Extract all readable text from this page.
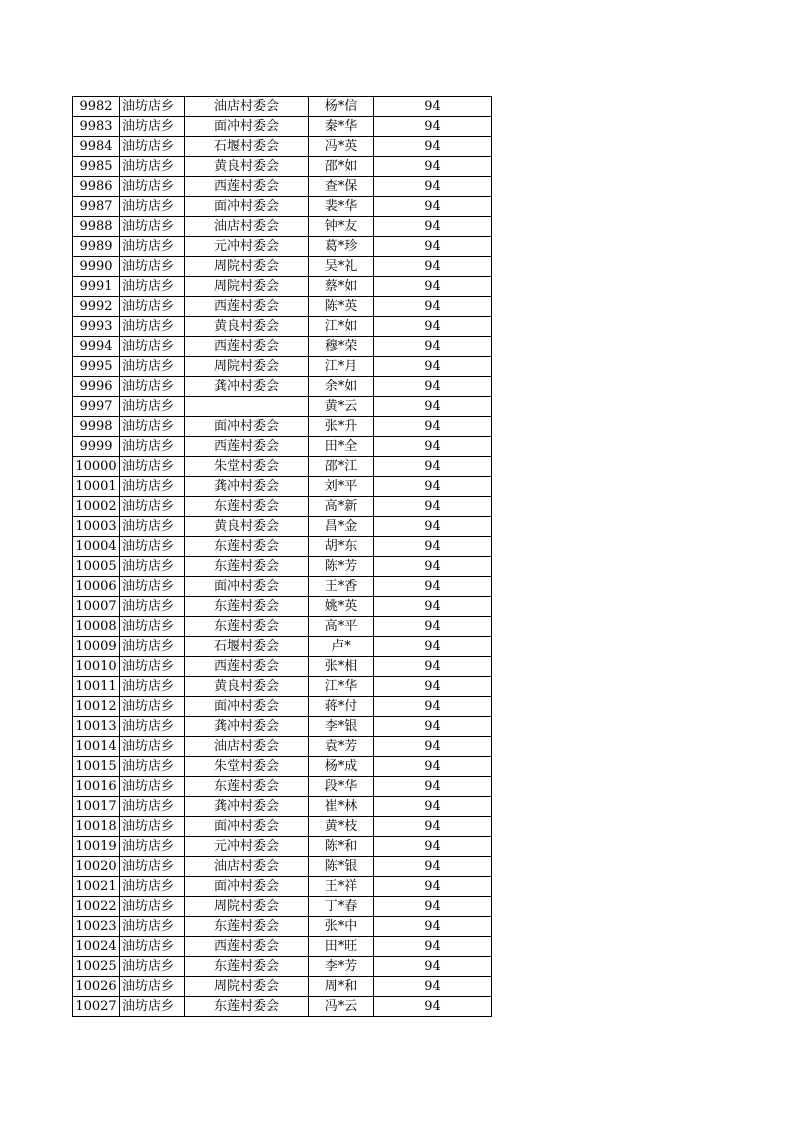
9982	油坊店乡	油店村委会	杨*信	94
9983	油坊店乡	面冲村委会	秦*华	94
9984	油坊店乡	石堰村委会	冯*英	94
9985	油坊店乡	黄良村委会	邵*如	94
9986	油坊店乡	西莲村委会	查*保	94
9987	油坊店乡	面冲村委会	裴*华	94
9988	油坊店乡	油店村委会	钟*友	94
9989	油坊店乡	元冲村委会	葛*珍	94
9990	油坊店乡	周院村委会	吴*礼	94
9991	油坊店乡	周院村委会	蔡*如	94
9992	油坊店乡	西莲村委会	陈*英	94
9993	油坊店乡	黄良村委会	江*如	94
9994	油坊店乡	西莲村委会	穆*荣	94
9995	油坊店乡	周院村委会	江*月	94
9996	油坊店乡	龚冲村委会	余*如	94
9997	油坊店乡		黄*云	94
9998	油坊店乡	面冲村委会	张*升	94
9999	油坊店乡	西莲村委会	田*全	94
10000	油坊店乡	朱堂村委会	邵*江	94
10001	油坊店乡	龚冲村委会	刘*平	94
10002	油坊店乡	东莲村委会	高*新	94
10003	油坊店乡	黄良村委会	昌*金	94
10004	油坊店乡	东莲村委会	胡*东	94
10005	油坊店乡	东莲村委会	陈*芳	94
10006	油坊店乡	面冲村委会	王*香	94
10007	油坊店乡	东莲村委会	姚*英	94
10008	油坊店乡	东莲村委会	高*平	94
10009	油坊店乡	石堰村委会	卢*	94
10010	油坊店乡	西莲村委会	张*相	94
10011	油坊店乡	黄良村委会	江*华	94
10012	油坊店乡	面冲村委会	蒋*付	94
10013	油坊店乡	龚冲村委会	李*银	94
10014	油坊店乡	油店村委会	袁*芳	94
10015	油坊店乡	朱堂村委会	杨*成	94
10016	油坊店乡	东莲村委会	段*华	94
10017	油坊店乡	龚冲村委会	崔*林	94
10018	油坊店乡	面冲村委会	黄*枝	94
10019	油坊店乡	元冲村委会	陈*和	94
10020	油坊店乡	油店村委会	陈*银	94
10021	油坊店乡	面冲村委会	王*祥	94
10022	油坊店乡	周院村委会	丁*春	94
10023	油坊店乡	东莲村委会	张*中	94
10024	油坊店乡	西莲村委会	田*旺	94
10025	油坊店乡	东莲村委会	李*芳	94
10026	油坊店乡	周院村委会	周*和	94
10027	油坊店乡	东莲村委会	冯*云	94
